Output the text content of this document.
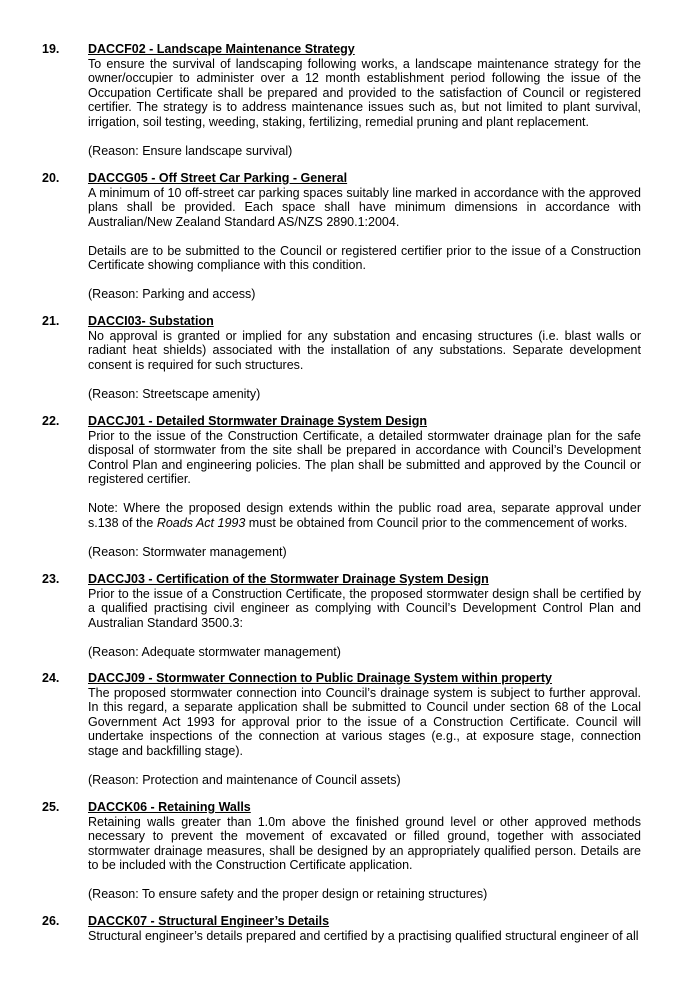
19. DACCF02 - Landscape Maintenance Strategy

To ensure the survival of landscaping following works, a landscape maintenance strategy for the owner/occupier to administer over a 12 month establishment period following the issue of the Occupation Certificate shall be prepared and provided to the satisfaction of Council or registered certifier. The strategy is to address maintenance issues such as, but not limited to plant survival, irrigation, soil testing, weeding, staking, fertilizing, remedial pruning and plant replacement.

(Reason: Ensure landscape survival)

20. DACCG05 - Off Street Car Parking - General

A minimum of 10 off-street car parking spaces suitably line marked in accordance with the approved plans shall be provided. Each space shall have minimum dimensions in accordance with Australian/New Zealand Standard AS/NZS 2890.1:2004.

Details are to be submitted to the Council or registered certifier prior to the issue of a Construction Certificate showing compliance with this condition.

(Reason: Parking and access)

21. DACCI03- Substation

No approval is granted or implied for any substation and encasing structures (i.e. blast walls or radiant heat shields) associated with the installation of any substations. Separate development consent is required for such structures.

(Reason: Streetscape amenity)

22. DACCJ01 - Detailed Stormwater Drainage System Design

Prior to the issue of the Construction Certificate, a detailed stormwater drainage plan for the safe disposal of stormwater from the site shall be prepared in accordance with Council’s Development Control Plan and engineering policies. The plan shall be submitted and approved by the Council or registered certifier.

Note: Where the proposed design extends within the public road area, separate approval under s.138 of the Roads Act 1993 must be obtained from Council prior to the commencement of works.

(Reason: Stormwater management)

23. DACCJ03 - Certification of the Stormwater Drainage System Design

Prior to the issue of a Construction Certificate, the proposed stormwater design shall be certified by a qualified practising civil engineer as complying with Council’s Development Control Plan and Australian Standard 3500.3:

(Reason: Adequate stormwater management)

24. DACCJ09 - Stormwater Connection to Public Drainage System within property

The proposed stormwater connection into Council’s drainage system is subject to further approval. In this regard, a separate application shall be submitted to Council under section 68 of the Local Government Act 1993 for approval prior to the issue of a Construction Certificate. Council will undertake inspections of the connection at various stages (e.g., at exposure stage, connection stage and backfilling stage).

(Reason: Protection and maintenance of Council assets)

25. DACCK06 - Retaining Walls

Retaining walls greater than 1.0m above the finished ground level or other approved methods necessary to prevent the movement of excavated or filled ground, together with associated stormwater drainage measures, shall be designed by an appropriately qualified person. Details are to be included with the Construction Certificate application.

(Reason: To ensure safety and the proper design or retaining structures)

26. DACCK07 - Structural Engineer’s Details

Structural engineer’s details prepared and certified by a practising qualified structural engineer of all
